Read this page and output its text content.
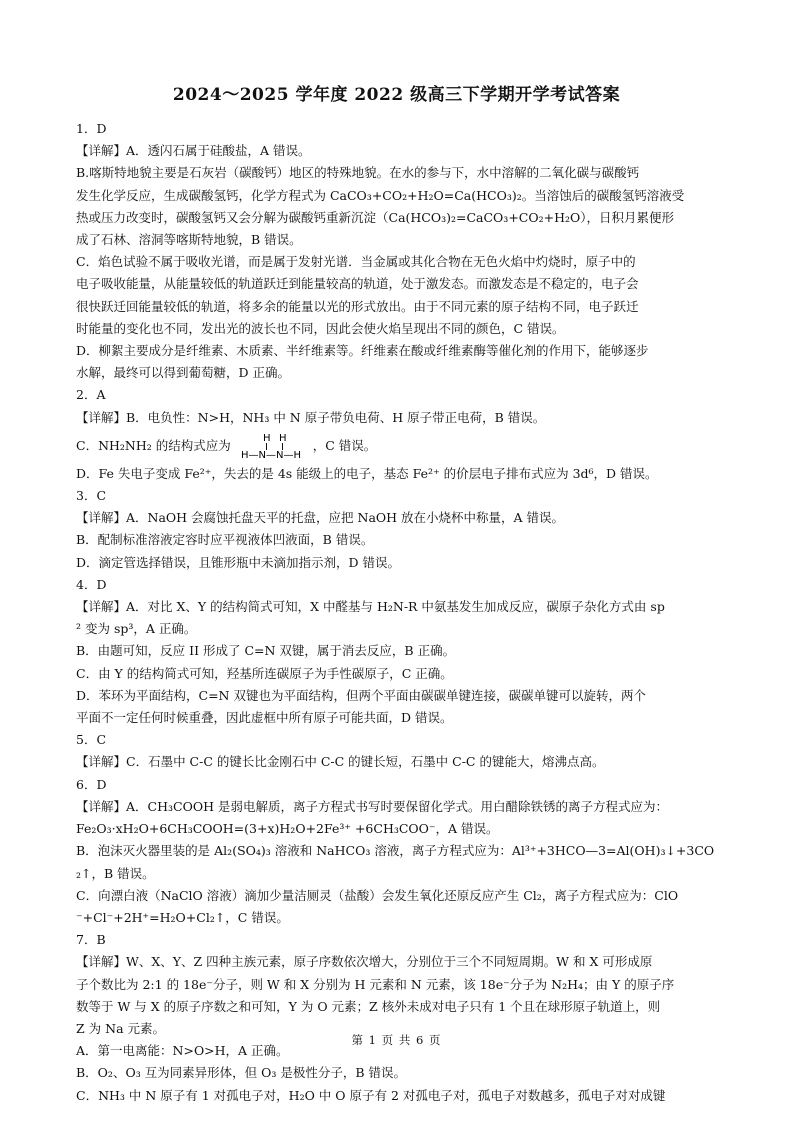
2024～2025 学年度 2022 级高三下学期开学考试答案

1．D

【详解】A．透闪石属于硅酸盐，A 错误。

B.喀斯特地貌主要是石灰岩（碳酸钙）地区的特殊地貌。在水的参与下，水中溶解的二氧化碳与碳酸钙

发生化学反应，生成碳酸氢钙，化学方程式为 CaCO₃+CO₂+H₂O=Ca(HCO₃)₂。当溶蚀后的碳酸氢钙溶液受

热或压力改变时，碳酸氢钙又会分解为碳酸钙重新沉淀（Ca(HCO₃)₂=CaCO₃+CO₂+H₂O），日积月累便形

成了石林、溶洞等喀斯特地貌，B 错误。

C．焰色试验不属于吸收光谱，而是属于发射光谱．当金属或其化合物在无色火焰中灼烧时，原子中的

电子吸收能量，从能量较低的轨道跃迁到能量较高的轨道，处于激发态。而激发态是不稳定的，电子会

很快跃迁回能量较低的轨道，将多余的能量以光的形式放出。由于不同元素的原子结构不同，电子跃迁

时能量的变化也不同，发出光的波长也不同，因此会使火焰呈现出不同的颜色，C 错误。

D．柳絮主要成分是纤维素、木质素、半纤维素等。纤维素在酸或纤维素酶等催化剂的作用下，能够逐步

水解，最终可以得到葡萄糖，D 正确。

2．A

【详解】B．电负性：N>H，NH₃ 中 N 原子带负电荷、H 原子带正电荷，B 错误。

C．NH₂NH₂ 的结构式应为	H H
H—N—N—H
，C 错误。

D．Fe 失电子变成 Fe²⁺，失去的是 4s 能级上的电子，基态 Fe²⁺ 的价层电子排布式应为 3d⁶，D 错误。

3．C

【详解】A．NaOH 会腐蚀托盘天平的托盘，应把 NaOH 放在小烧杯中称量，A 错误。

B．配制标准溶液定容时应平视液体凹液面，B 错误。

D．滴定管选择错误，且锥形瓶中未滴加指示剂，D 错误。

4．D

【详解】A．对比 X、Y 的结构简式可知，X 中醛基与 H₂N-R 中氨基发生加成反应，碳原子杂化方式由 sp

² 变为 sp³，A 正确。

B．由题可知，反应 II 形成了 C=N 双键，属于消去反应，B 正确。

C．由 Y 的结构简式可知，羟基所连碳原子为手性碳原子，C 正确。

D．苯环为平面结构，C=N 双键也为平面结构，但两个平面由碳碳单键连接，碳碳单键可以旋转，两个

平面不一定任何时候重叠，因此虚框中所有原子可能共面，D 错误。

5．C

【详解】C．石墨中 C-C 的键长比金刚石中 C-C 的键长短，石墨中 C-C 的键能大，熔沸点高。

6．D

【详解】A．CH₃COOH 是弱电解质，离子方程式书写时要保留化学式。用白醋除铁锈的离子方程式应为：

Fe₂O₃·xH₂O+6CH₃COOH=(3+x)H₂O+2Fe³⁺ +6CH₃COO⁻，A 错误。

B．泡沫灭火器里装的是 Al₂(SO₄)₃ 溶液和 NaHCO₃ 溶液，离子方程式应为：Al³⁺+3HCO—3=Al(OH)₃↓+3CO

₂↑，B 错误。

C．向漂白液（NaClO 溶液）滴加少量洁厕灵（盐酸）会发生氧化还原反应产生 Cl₂，离子方程式应为：ClO

⁻+Cl⁻+2H⁺=H₂O+Cl₂↑，C 错误。

7．B

【详解】W、X、Y、Z 四种主族元素，原子序数依次增大，分别位于三个不同短周期。W 和 X 可形成原

子个数比为 2:1 的 18e⁻分子，则 W 和 X 分别为 H 元素和 N 元素，该 18e⁻分子为 N₂H₄；由 Y 的原子序

数等于 W 与 X 的原子序数之和可知，Y 为 O 元素；Z 核外未成对电子只有 1 个且在球形原子轨道上，则

Z 为 Na 元素。

A．第一电离能：N>O>H，A 正确。

B．O₂、O₃ 互为同素异形体，但 O₃ 是极性分子，B 错误。

C．NH₃ 中 N 原子有 1 对孤电子对，H₂O 中 O 原子有 2 对孤电子对，孤电子对数越多，孤电子对对成键

第 1 页 共 6 页
